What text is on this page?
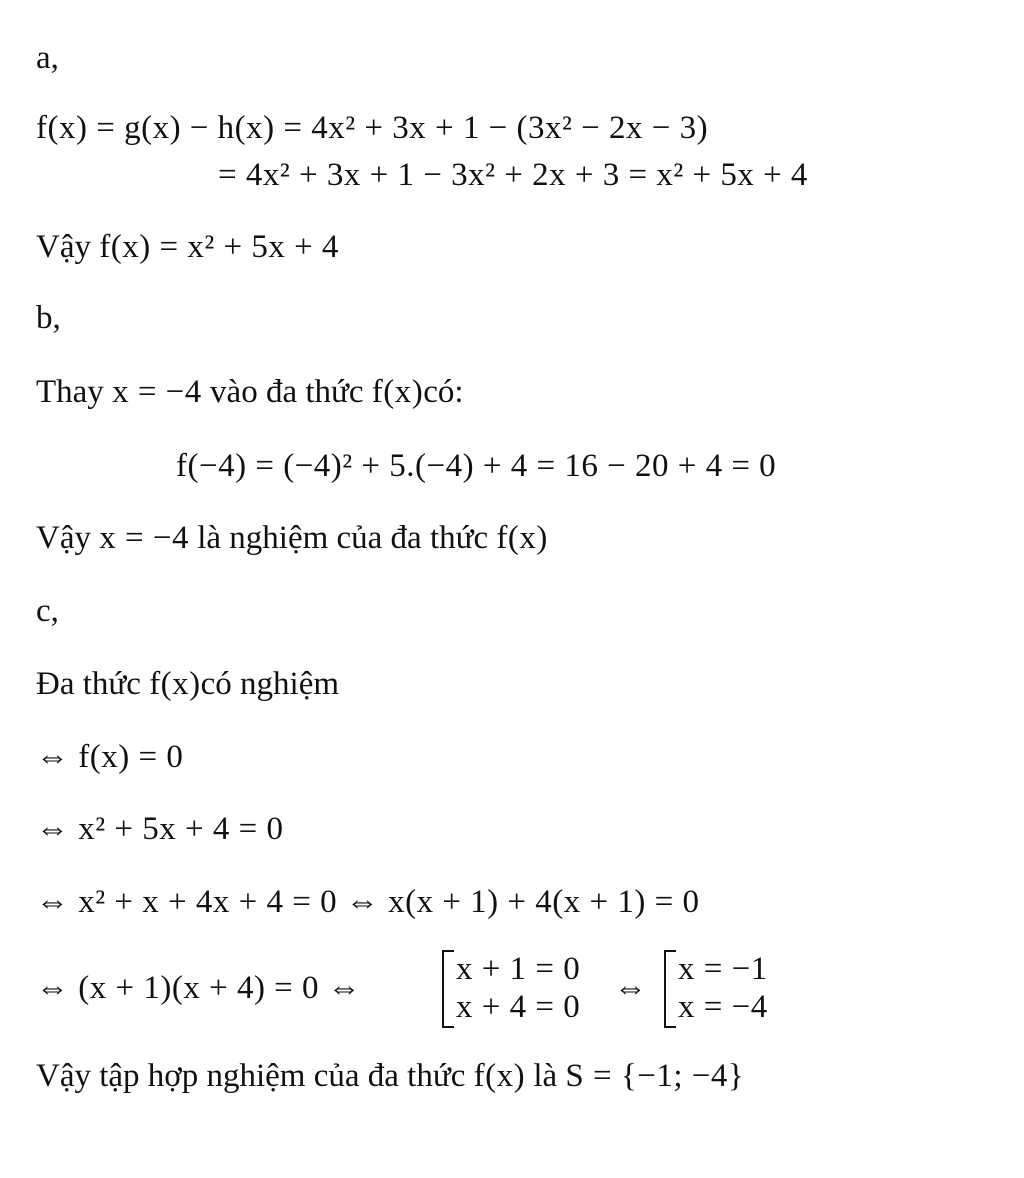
a,
f(x) = g(x) − h(x) = 4x² + 3x + 1 − (3x² − 2x − 3)
= 4x² + 3x + 1 − 3x² + 2x + 3 = x² + 5x + 4
Vậy f(x) = x² + 5x + 4
b,
Thay x = −4 vào đa thức f(x)có:
f(−4) = (−4)² + 5.(−4) + 4 = 16 − 20 + 4 = 0
Vậy x = −4 là nghiệm của đa thức f(x)
c,
Đa thức f(x)có nghiệm
⇔ f(x) = 0
⇔ x² + 5x + 4 = 0
⇔ x² + x + 4x + 4 = 0 ⇔ x(x + 1) + 4(x + 1) = 0
⇔ (x + 1)(x + 4) = 0 ⇔
x + 1 = 0
x + 4 = 0
⇔
x = −1
x = −4
Vậy tập hợp nghiệm của đa thức f(x) là S = {−1; −4}
